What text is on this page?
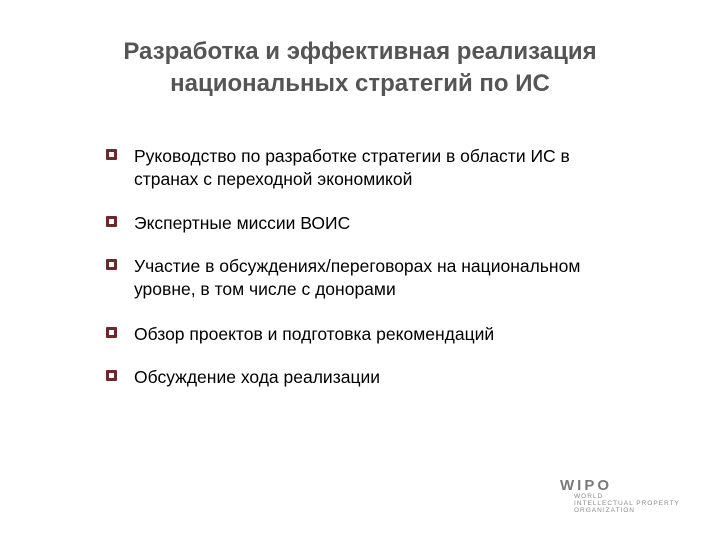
Разработка и эффективная реализация
национальных стратегий по ИС
Руководство по разработке стратегии в области ИС в
странах с переходной экономикой
Экспертные миссии ВОИС
Участие в обсуждениях/переговорах на национальном
уровне, в том числе с донорами
Обзор проектов и подготовка рекомендаций
Обсуждение хода реализации
WIPO
WORLD
INTELLECTUAL PROPERTY
ORGANIZATION
